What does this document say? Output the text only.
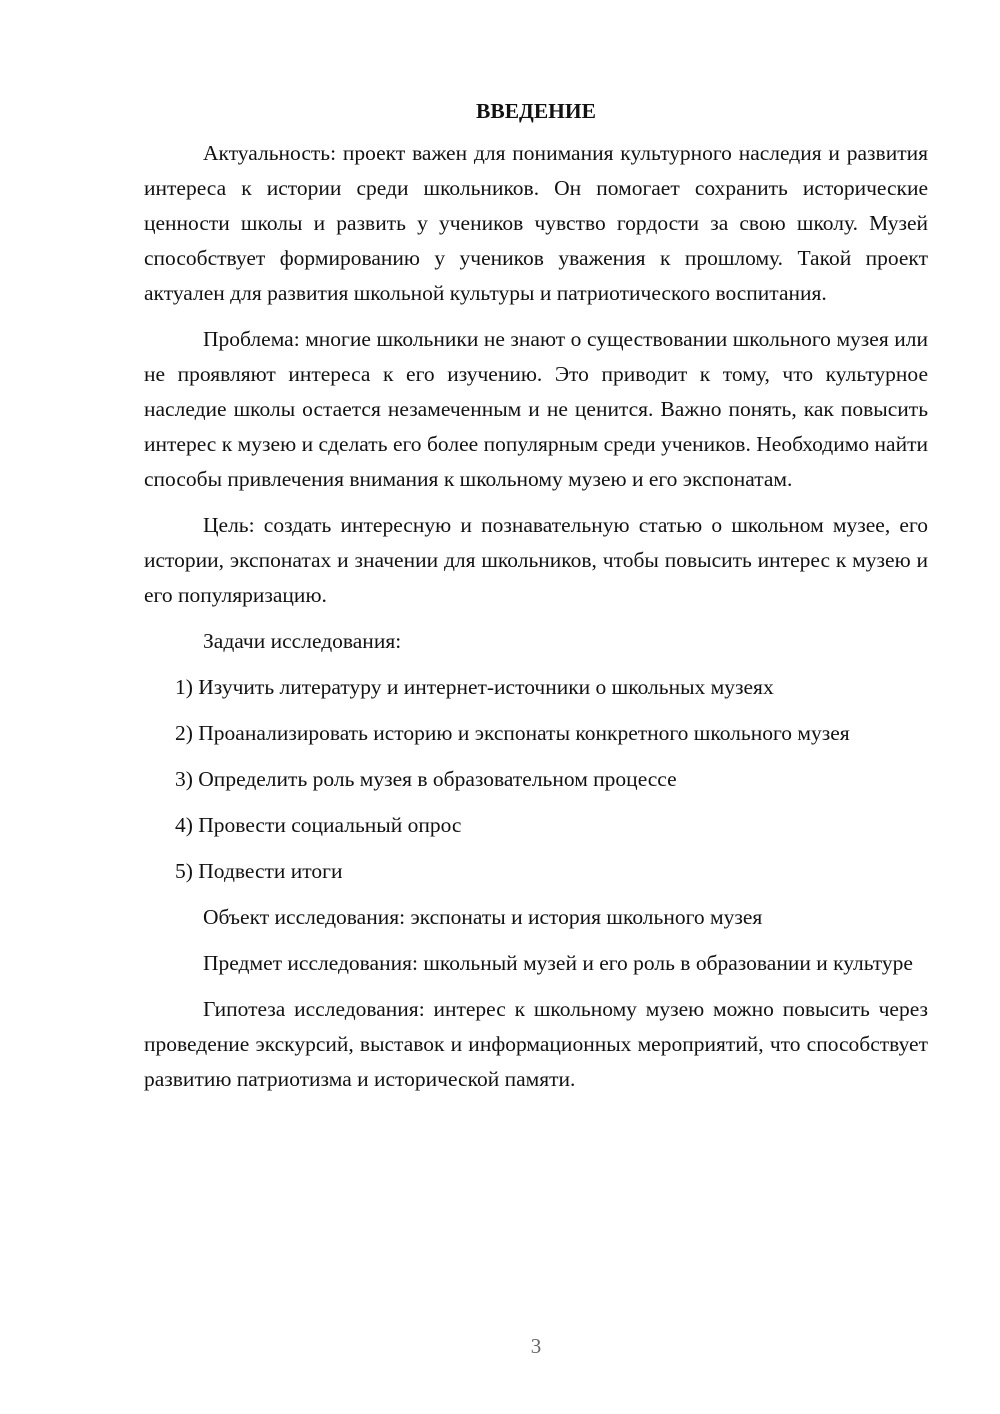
ВВЕДЕНИЕ

Актуальность: проект важен для понимания культурного наследия и развития интереса к истории среди школьников. Он помогает сохранить исторические ценности школы и развить у учеников чувство гордости за свою школу. Музей способствует формированию у учеников уважения к прошлому. Такой проект актуален для развития школьной культуры и патриотического воспитания.

Проблема: многие школьники не знают о существовании школьного музея или не проявляют интереса к его изучению. Это приводит к тому, что культурное наследие школы остается незамеченным и не ценится. Важно понять, как повысить интерес к музею и сделать его более популярным среди учеников. Необходимо найти способы привлечения внимания к школьному музею и его экспонатам.

Цель: создать интересную и познавательную статью о школьном музее, его истории, экспонатах и значении для школьников, чтобы повысить интерес к музею и его популяризацию.

Задачи исследования:

1) Изучить литературу и интернет-источники о школьных музеях

2) Проанализировать историю и экспонаты конкретного школьного музея

3) Определить роль музея в образовательном процессе

4) Провести социальный опрос

5) Подвести итоги

Объект исследования: экспонаты и история школьного музея

Предмет исследования: школьный музей и его роль в образовании и культуре

Гипотеза исследования: интерес к школьному музею можно повысить через проведение экскурсий, выставок и информационных мероприятий, что способствует развитию патриотизма и исторической памяти.

3
